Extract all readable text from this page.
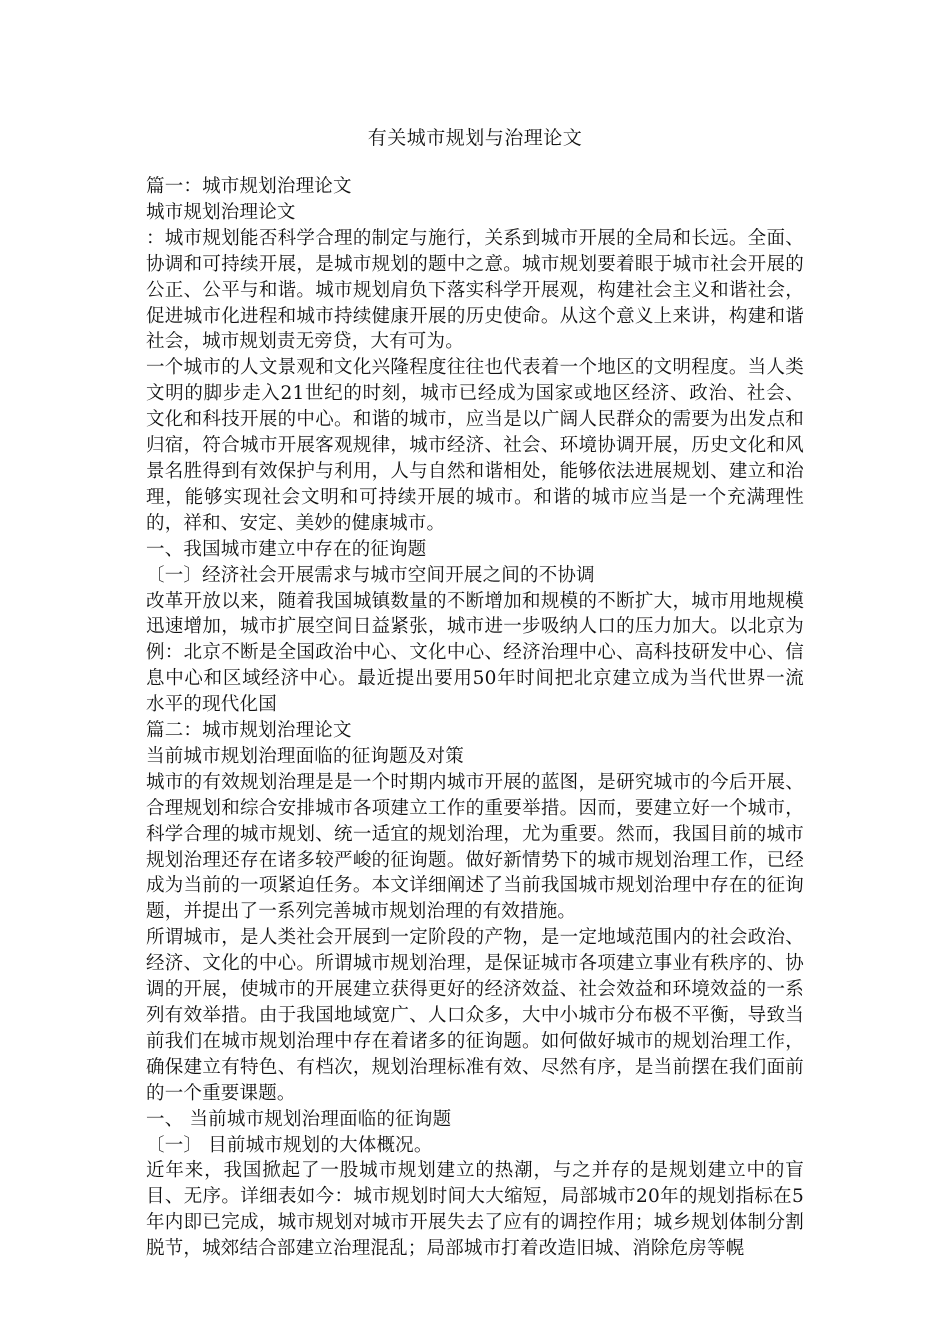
有关城市规划与治理论文

篇一：城市规划治理论文

城市规划治理论文

：城市规划能否科学合理的制定与施行，关系到城市开展的全局和长远。全面、协调和可持续开展，是城市规划的题中之意。城市规划要着眼于城市社会开展的公正、公平与和谐。城市规划肩负下落实科学开展观，构建社会主义和谐社会，促进城市化进程和城市持续健康开展的历史使命。从这个意义上来讲，构建和谐社会，城市规划责无旁贷，大有可为。

一个城市的人文景观和文化兴隆程度往往也代表着一个地区的文明程度。当人类文明的脚步走入21世纪的时刻，城市已经成为国家或地区经济、政治、社会、文化和科技开展的中心。和谐的城市，应当是以广阔人民群众的需要为出发点和归宿，符合城市开展客观规律，城市经济、社会、环境协调开展，历史文化和风景名胜得到有效保护与利用，人与自然和谐相处，能够依法进展规划、建立和治理，能够实现社会文明和可持续开展的城市。和谐的城市应当是一个充满理性的，祥和、安定、美妙的健康城市。

一、我国城市建立中存在的征询题

〔一〕经济社会开展需求与城市空间开展之间的不协调

改革开放以来，随着我国城镇数量的不断增加和规模的不断扩大，城市用地规模迅速增加，城市扩展空间日益紧张，城市进一步吸纳人口的压力加大。以北京为例：北京不断是全国政治中心、文化中心、经济治理中心、高科技研发中心、信息中心和区域经济中心。最近提出要用50年时间把北京建立成为当代世界一流水平的现代化国

篇二：城市规划治理论文

当前城市规划治理面临的征询题及对策

城市的有效规划治理是是一个时期内城市开展的蓝图，是研究城市的今后开展、合理规划和综合安排城市各项建立工作的重要举措。因而，要建立好一个城市，科学合理的城市规划、统一适宜的规划治理，尤为重要。然而，我国目前的城市规划治理还存在诸多较严峻的征询题。做好新情势下的城市规划治理工作，已经成为当前的一项紧迫任务。本文详细阐述了当前我国城市规划治理中存在的征询题，并提出了一系列完善城市规划治理的有效措施。

所谓城市，是人类社会开展到一定阶段的产物，是一定地域范围内的社会政治、经济、文化的中心。所谓城市规划治理，是保证城市各项建立事业有秩序的、协调的开展，使城市的开展建立获得更好的经济效益、社会效益和环境效益的一系列有效举措。由于我国地域宽广、人口众多，大中小城市分布极不平衡，导致当前我们在城市规划治理中存在着诸多的征询题。如何做好城市的规划治理工作，确保建立有特色、有档次，规划治理标准有效、尽然有序，是当前摆在我们面前的一个重要课题。

一、 当前城市规划治理面临的征询题

〔一〕 目前城市规划的大体概况。

近年来，我国掀起了一股城市规划建立的热潮，与之并存的是规划建立中的盲目、无序。详细表如今：城市规划时间大大缩短，局部城市20年的规划指标在5年内即已完成，城市规划对城市开展失去了应有的调控作用；城乡规划体制分割脱节，城郊结合部建立治理混乱；局部城市打着改造旧城、消除危房等幌
